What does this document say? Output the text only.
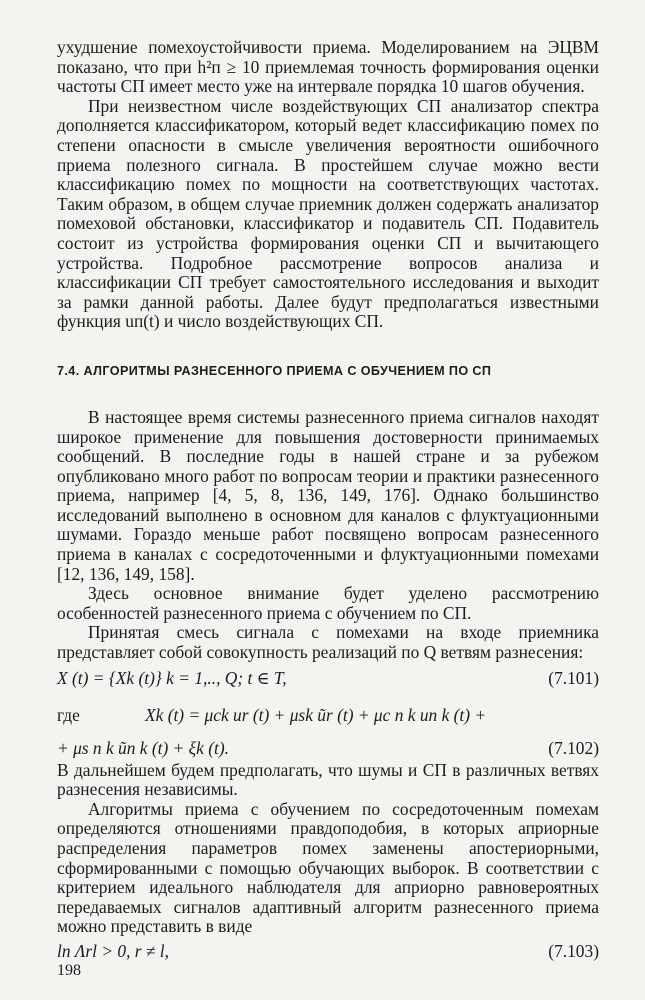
ухудшение помехоустойчивости приема. Моделированием на ЭЦВМ показано, что при h²п ≥ 10 приемлемая точность формирования оценки частоты СП имеет место уже на интервале порядка 10 шагов обучения.

При неизвестном числе воздействующих СП анализатор спектра дополняется классификатором, который ведет классификацию помех по степени опасности в смысле увеличения вероятности ошибочного приема полезного сигнала. В простейшем случае можно вести классификацию помех по мощности на соответствующих частотах. Таким образом, в общем случае приемник должен содержать анализатор помеховой обстановки, классификатор и подавитель СП. Подавитель состоит из устройства формирования оценки СП и вычитающего устройства. Подробное рассмотрение вопросов анализа и классификации СП требует самостоятельного исследования и выходит за рамки данной работы. Далее будут предполагаться известными функция uп(t) и число воздействующих СП.

7.4. АЛГОРИТМЫ РАЗНЕСЕННОГО ПРИЕМА С ОБУЧЕНИЕМ ПО СП

В настоящее время системы разнесенного приема сигналов находят широкое применение для повышения достоверности принимаемых сообщений. В последние годы в нашей стране и за рубежом опубликовано много работ по вопросам теории и практики разнесенного приема, например [4, 5, 8, 136, 149, 176]. Однако большинство исследований выполнено в основном для каналов с флуктуационными шумами. Гораздо меньше работ посвящено вопросам разнесенного приема в каналах с сосредоточенными и флуктуационными помехами [12, 136, 149, 158].

Здесь основное внимание будет уделено рассмотрению особенностей разнесенного приема с обучением по СП.

Принятая смесь сигнала с помехами на входе приемника представляет собой совокупность реализаций по Q ветвям разнесения:

X (t) = {Xk (t)} k = 1,.., Q; t ∈ T,	(7.101)
где	Xk (t) = μck ur (t) + μsk ũr (t) + μc п k uп k (t) +
+ μs п k ũп k (t) + ξk (t).	(7.102)

В дальнейшем будем предполагать, что шумы и СП в различных ветвях разнесения независимы.

Алгоритмы приема с обучением по сосредоточенным помехам определяются отношениями правдоподобия, в которых априорные распределения параметров помех заменены апостериорными, сформированными с помощью обучающих выборок. В соответствии с критерием идеального наблюдателя для априорно равновероятных передаваемых сигналов адаптивный алгоритм разнесенного приема можно представить в виде

ln Λrl > 0, r ≠ l,	(7.103)
198
